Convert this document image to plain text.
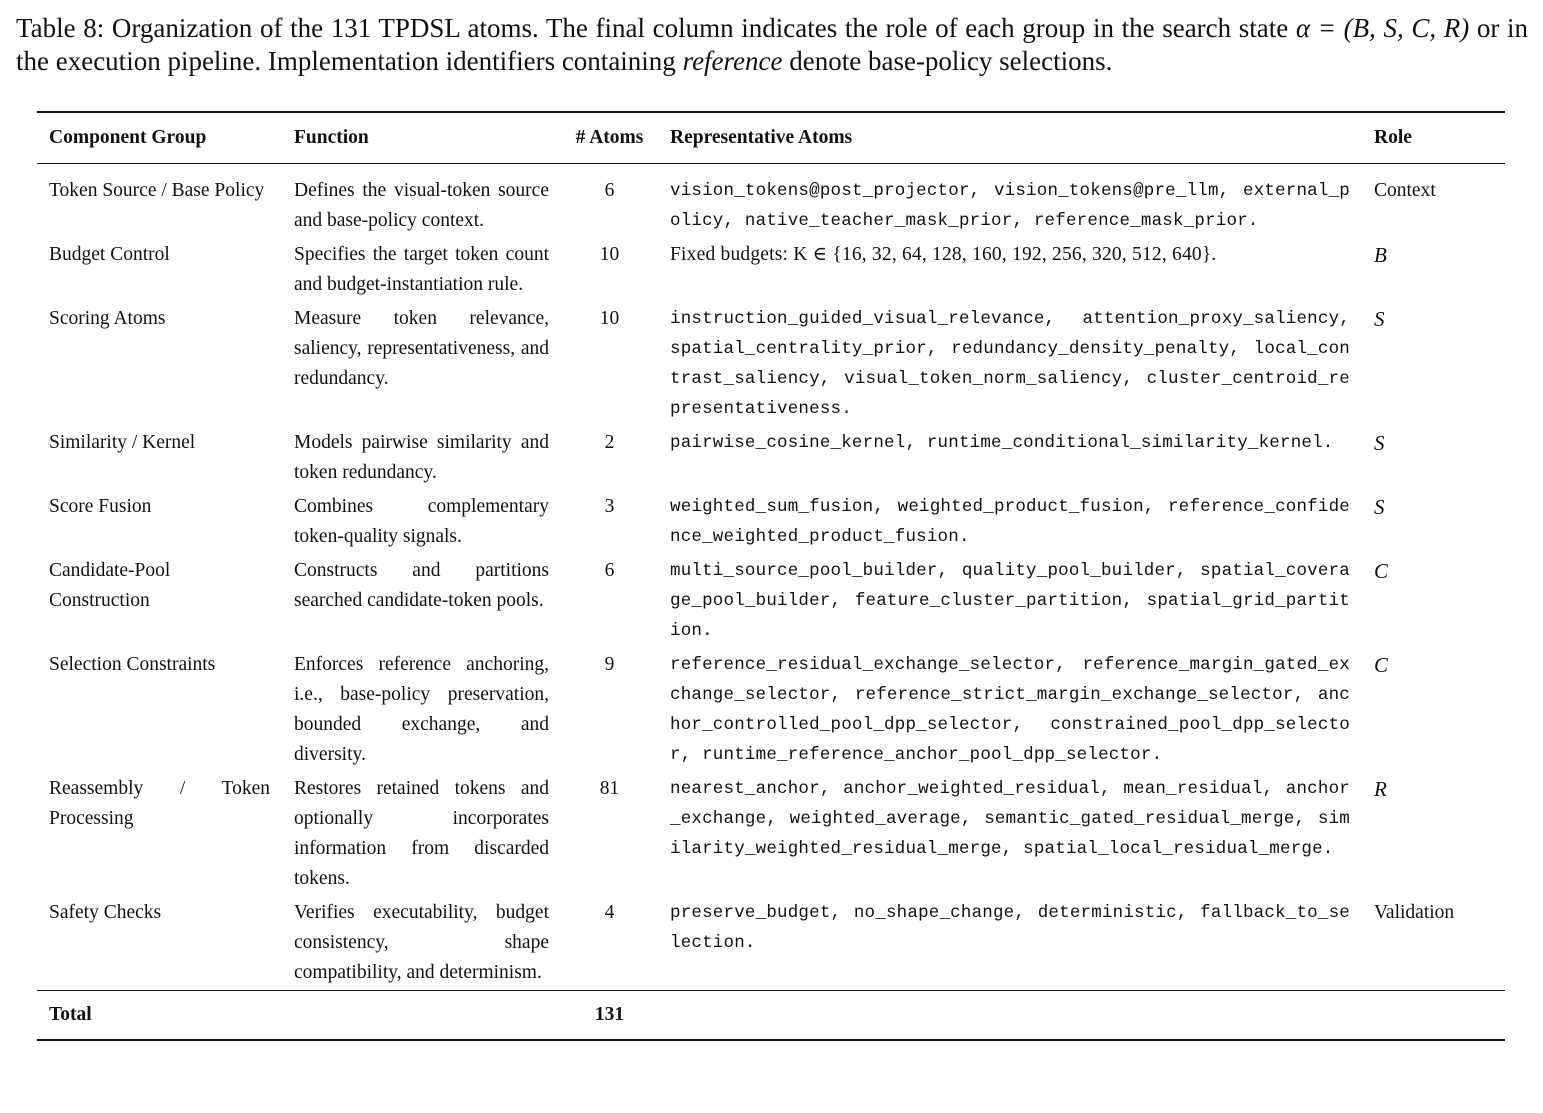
Table 8: Organization of the 131 TPDSL atoms. The final column indicates the role of each group in the search state α = (B, S, C, R) or in the execution pipeline. Implementation identifiers containing reference denote base-policy selections.
Component Group	Function	# Atoms	Representative Atoms	Role
Token Source / Base Policy	Defines the visual-token source and base-policy context.	6	vision_tokens@post_projector, vision_tokens@pre_llm, external_policy, native_teacher_mask_prior, reference_mask_prior.	Context
Budget Control	Specifies the target token count and budget-instantiation rule.	10	Fixed budgets: K ∈ {16, 32, 64, 128, 160, 192, 256, 320, 512, 640}.	B
Scoring Atoms	Measure token relevance, saliency, representativeness, and redundancy.	10	instruction_guided_visual_relevance, attention_proxy_saliency, spatial_centrality_prior, redundancy_density_penalty, local_contrast_saliency, visual_token_norm_saliency, cluster_centroid_representativeness.	S
Similarity / Kernel	Models pairwise similarity and token redundancy.	2	pairwise_cosine_kernel, runtime_conditional_similarity_kernel.	S
Score Fusion	Combines complementary token-quality signals.	3	weighted_sum_fusion, weighted_product_fusion, reference_confidence_weighted_product_fusion.	S
Candidate-Pool Construction	Constructs and partitions searched candidate-token pools.	6	multi_source_pool_builder, quality_pool_builder, spatial_coverage_pool_builder, feature_cluster_partition, spatial_grid_partition.	C
Selection Constraints	Enforces reference anchoring, i.e., base-policy preservation, bounded exchange, and diversity.	9	reference_residual_exchange_selector, reference_margin_gated_exchange_selector, reference_strict_margin_exchange_selector, anchor_controlled_pool_dpp_selector, constrained_pool_dpp_selector, runtime_reference_anchor_pool_dpp_selector.	C
Reassembly / Token Processing	Restores retained tokens and optionally incorporates information from discarded tokens.	81	nearest_anchor, anchor_weighted_residual, mean_residual, anchor_exchange, weighted_average, semantic_gated_residual_merge, similarity_weighted_residual_merge, spatial_local_residual_merge.	R
Safety Checks	Verifies executability, budget consistency, shape compatibility, and determinism.	4	preserve_budget, no_shape_change, deterministic, fallback_to_selection.	Validation
Total		131		
